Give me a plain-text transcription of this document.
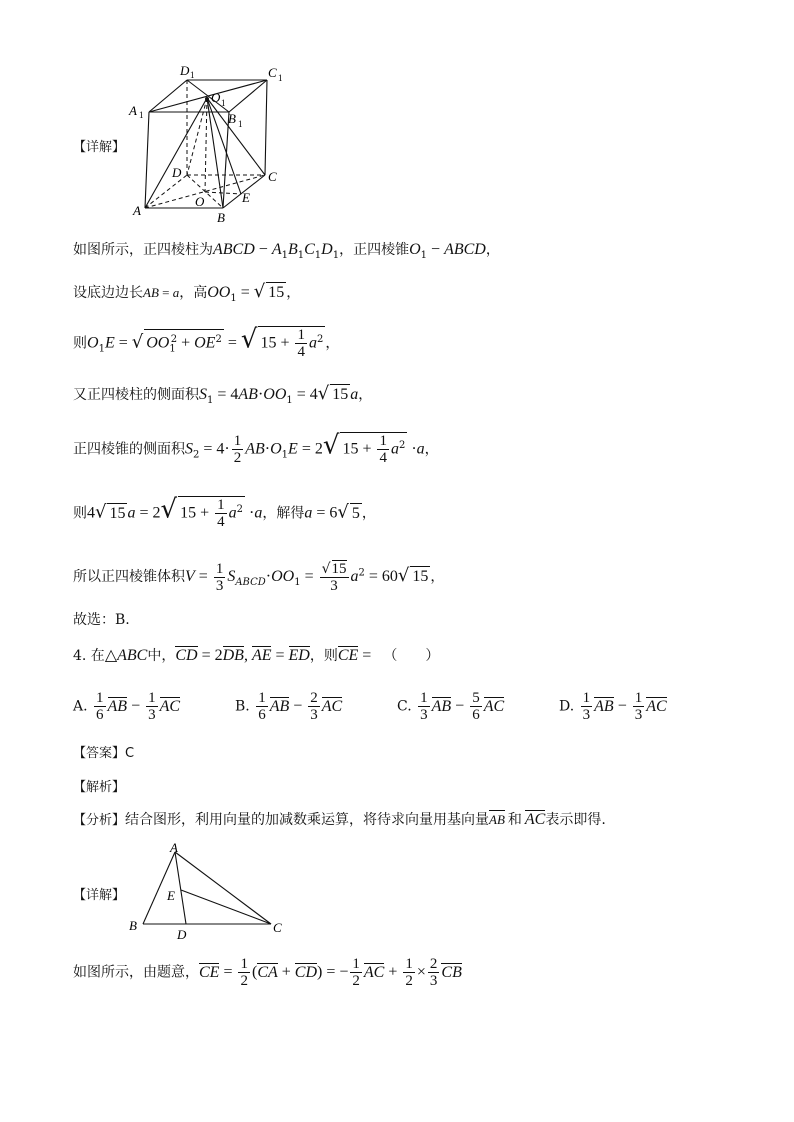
D 1	C 1
A 1
O 1
B 1
D	C
O	E
A	B
【详解】
如图所示，正四棱柱为ABCD − $A_1B_1C_1D_1$，正四棱锥$O_1$ − ABCD，
设底边边长AB = a，高$OO_1$ = √ 15 ，
则$O_1E$ = √ $OO_1^2 + OE^2$ = √ $15 + \frac{1}{4} a^2$ ，
又正四棱柱的侧面积$S_1 = 4AB\cdot OO_1 = 4√$ 15 a，
正四棱锥的侧面积$S_2 = 4\cdot \frac{1}{2} AB\cdot O_1E = 2√$ $15 + \frac{1}{4} a^2 \cdot a$，
则4√ 15 a = 2√ $15 + \frac{1}{4} a^2 \cdot a$，解得a = 6√ 5 ，
所以正四棱锥体积$V = \frac{1}{3} S_{ABCD}\cdot OO_1 = \frac{√15}{3} a^2 = 60√$ 15 ，
故选：B.
4. 在△ABC中，CD = 2DB, AE = ED，则CE = （　　）
A. $\frac{1}{6}$ AB − $\frac{1}{3}$ AC	B. $\frac{1}{6}$ AB − $\frac{2}{3}$ AC	C. $\frac{1}{3}$ AB − $\frac{5}{6}$ AC	D. $\frac{1}{3}$ AB − $\frac{1}{3}$ AC
【答案】C
【解析】
【分析】结合图形，利用向量的加减数乘运算，将待求向量用基向量AB 和 AC表示即得.
A
E
B
D	C
【详解】
如图所示，由题意，CE = $\frac{1}{2} (CA + CD)$ = − $\frac{1}{2}$ AC + $\frac{1}{2} \times \frac{2}{3}$ CB
